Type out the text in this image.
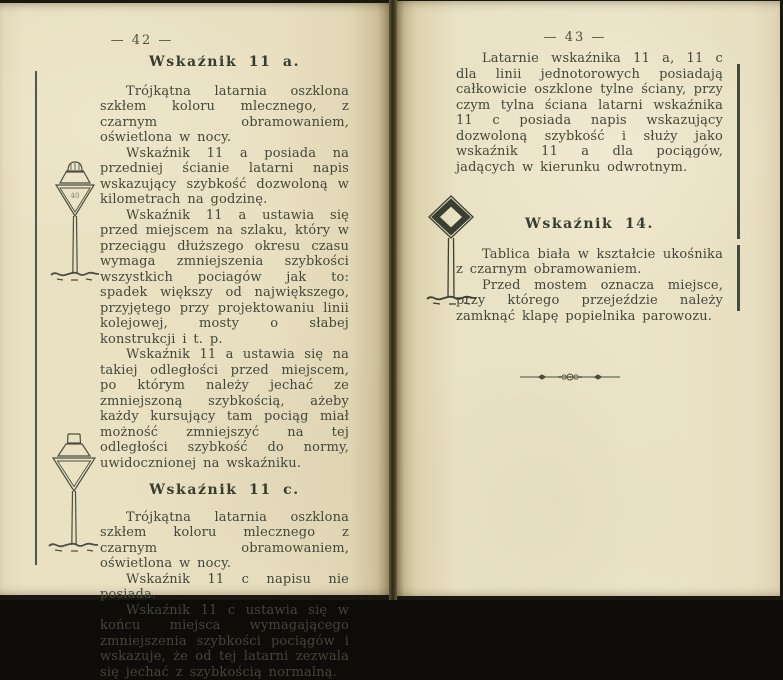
— 42 —
40
Wskaźnik 11 a.

Trójkątna latarnia oszklona szkłem koloru mlecznego, z czarnym obramowaniem, oświetlona w nocy.

Wskaźnik 11 a posiada na przedniej ścianie latarni napis wskazujący szybkość dozwoloną w kilometrach na godzinę.

Wskaźnik 11 a ustawia się przed miejscem na szlaku, który w przeciągu dłuższego okresu czasu wymaga zmniejszenia szybkości wszystkich pociagów jak to: spadek większy od największego, przyjętego przy projektowaniu linii kolejowej, mosty o słabej konstrukcji i t. p.

Wskaźnik 11 a ustawia się na takiej odległości przed miejscem, po którym należy jechać ze zmniejszoną szybkością, ażeby każdy kursujący tam pociąg miał możność zmniejszyć na tej odległości szybkość do normy, uwidocznionej na wskaźniku.

Wskaźnik 11 c.

Trójkątna latarnia oszklona szkłem koloru mlecznego z czarnym obramowaniem, oświetlona w nocy.

Wskaźnik 11 c napisu nie posiada.

Wskaźnik 11 c ustawia się w końcu miejsca wymagającego zmniejszenia szybkości pociągów i wskazuje, że od tej latarni zezwala się jechać z szybkością normalną.

— 43 —

Latarnie wskaźnika 11 a, 11 c dla linii jednotorowych posiadają całkowicie oszklone tylne ściany, przy czym tylna ściana latarni wskaźnika 11 c posiada napis wskazujący dozwoloną szybkość i służy jako wskaźnik 11 a dla pociągów, jadących w kierunku odwrotnym.

Wskaźnik 14.

Tablica biała w kształcie ukośnika z czarnym obramowaniem.

Przed mostem oznacza miejsce, przy którego przejeździe należy zamknąć klapę popielnika parowozu.
